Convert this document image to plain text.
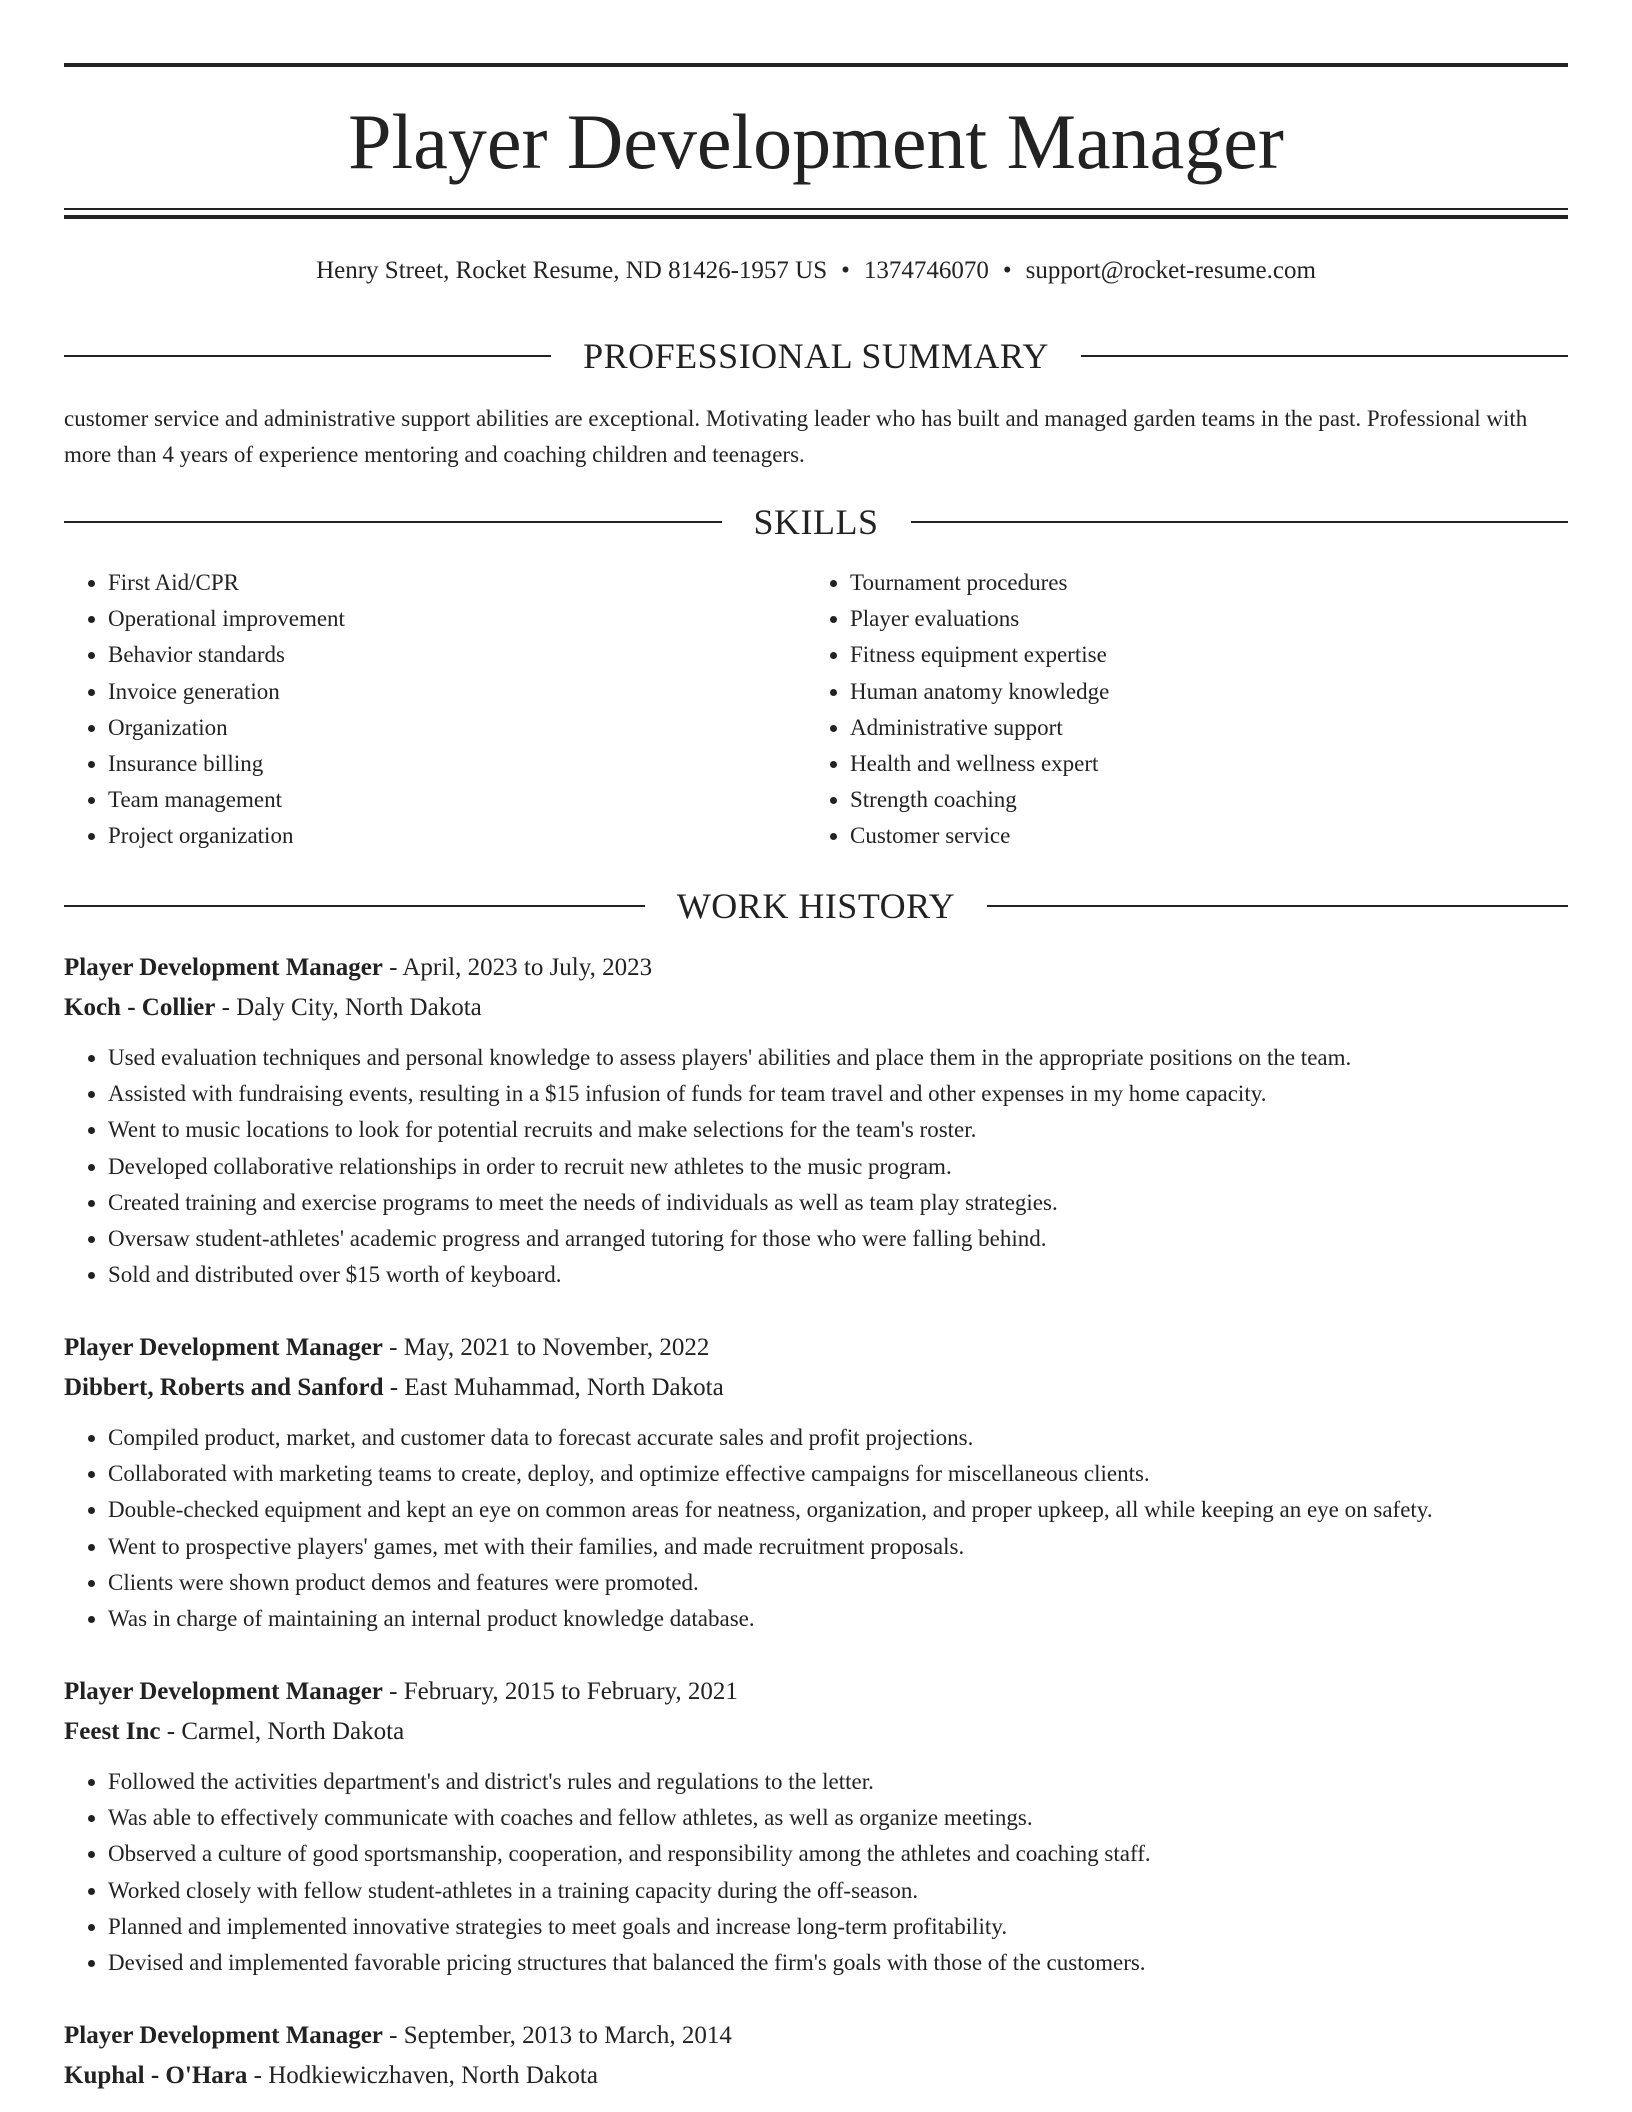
Player Development Manager
Henry Street, Rocket Resume, ND 81426-1957 US • 1374746070 • support@rocket-resume.com
PROFESSIONAL SUMMARY
customer service and administrative support abilities are exceptional. Motivating leader who has built and managed garden teams in the past. Professional with more than 4 years of experience mentoring and coaching children and teenagers.
SKILLS
• First Aid/CPR
• Operational improvement
• Behavior standards
• Invoice generation
• Organization
• Insurance billing
• Team management
• Project organization
• Tournament procedures
• Player evaluations
• Fitness equipment expertise
• Human anatomy knowledge
• Administrative support
• Health and wellness expert
• Strength coaching
• Customer service
WORK HISTORY
Player Development Manager - April, 2023 to July, 2023
Koch - Collier - Daly City, North Dakota
• Used evaluation techniques and personal knowledge to assess players' abilities and place them in the appropriate positions on the team.
• Assisted with fundraising events, resulting in a $15 infusion of funds for team travel and other expenses in my home capacity.
• Went to music locations to look for potential recruits and make selections for the team's roster.
• Developed collaborative relationships in order to recruit new athletes to the music program.
• Created training and exercise programs to meet the needs of individuals as well as team play strategies.
• Oversaw student-athletes' academic progress and arranged tutoring for those who were falling behind.
• Sold and distributed over $15 worth of keyboard.
Player Development Manager - May, 2021 to November, 2022
Dibbert, Roberts and Sanford - East Muhammad, North Dakota
• Compiled product, market, and customer data to forecast accurate sales and profit projections.
• Collaborated with marketing teams to create, deploy, and optimize effective campaigns for miscellaneous clients.
• Double-checked equipment and kept an eye on common areas for neatness, organization, and proper upkeep, all while keeping an eye on safety.
• Went to prospective players' games, met with their families, and made recruitment proposals.
• Clients were shown product demos and features were promoted.
• Was in charge of maintaining an internal product knowledge database.
Player Development Manager - February, 2015 to February, 2021
Feest Inc - Carmel, North Dakota
• Followed the activities department's and district's rules and regulations to the letter.
• Was able to effectively communicate with coaches and fellow athletes, as well as organize meetings.
• Observed a culture of good sportsmanship, cooperation, and responsibility among the athletes and coaching staff.
• Worked closely with fellow student-athletes in a training capacity during the off-season.
• Planned and implemented innovative strategies to meet goals and increase long-term profitability.
• Devised and implemented favorable pricing structures that balanced the firm's goals with those of the customers.
Player Development Manager - September, 2013 to March, 2014
Kuphal - O'Hara - Hodkiewiczhaven, North Dakota
